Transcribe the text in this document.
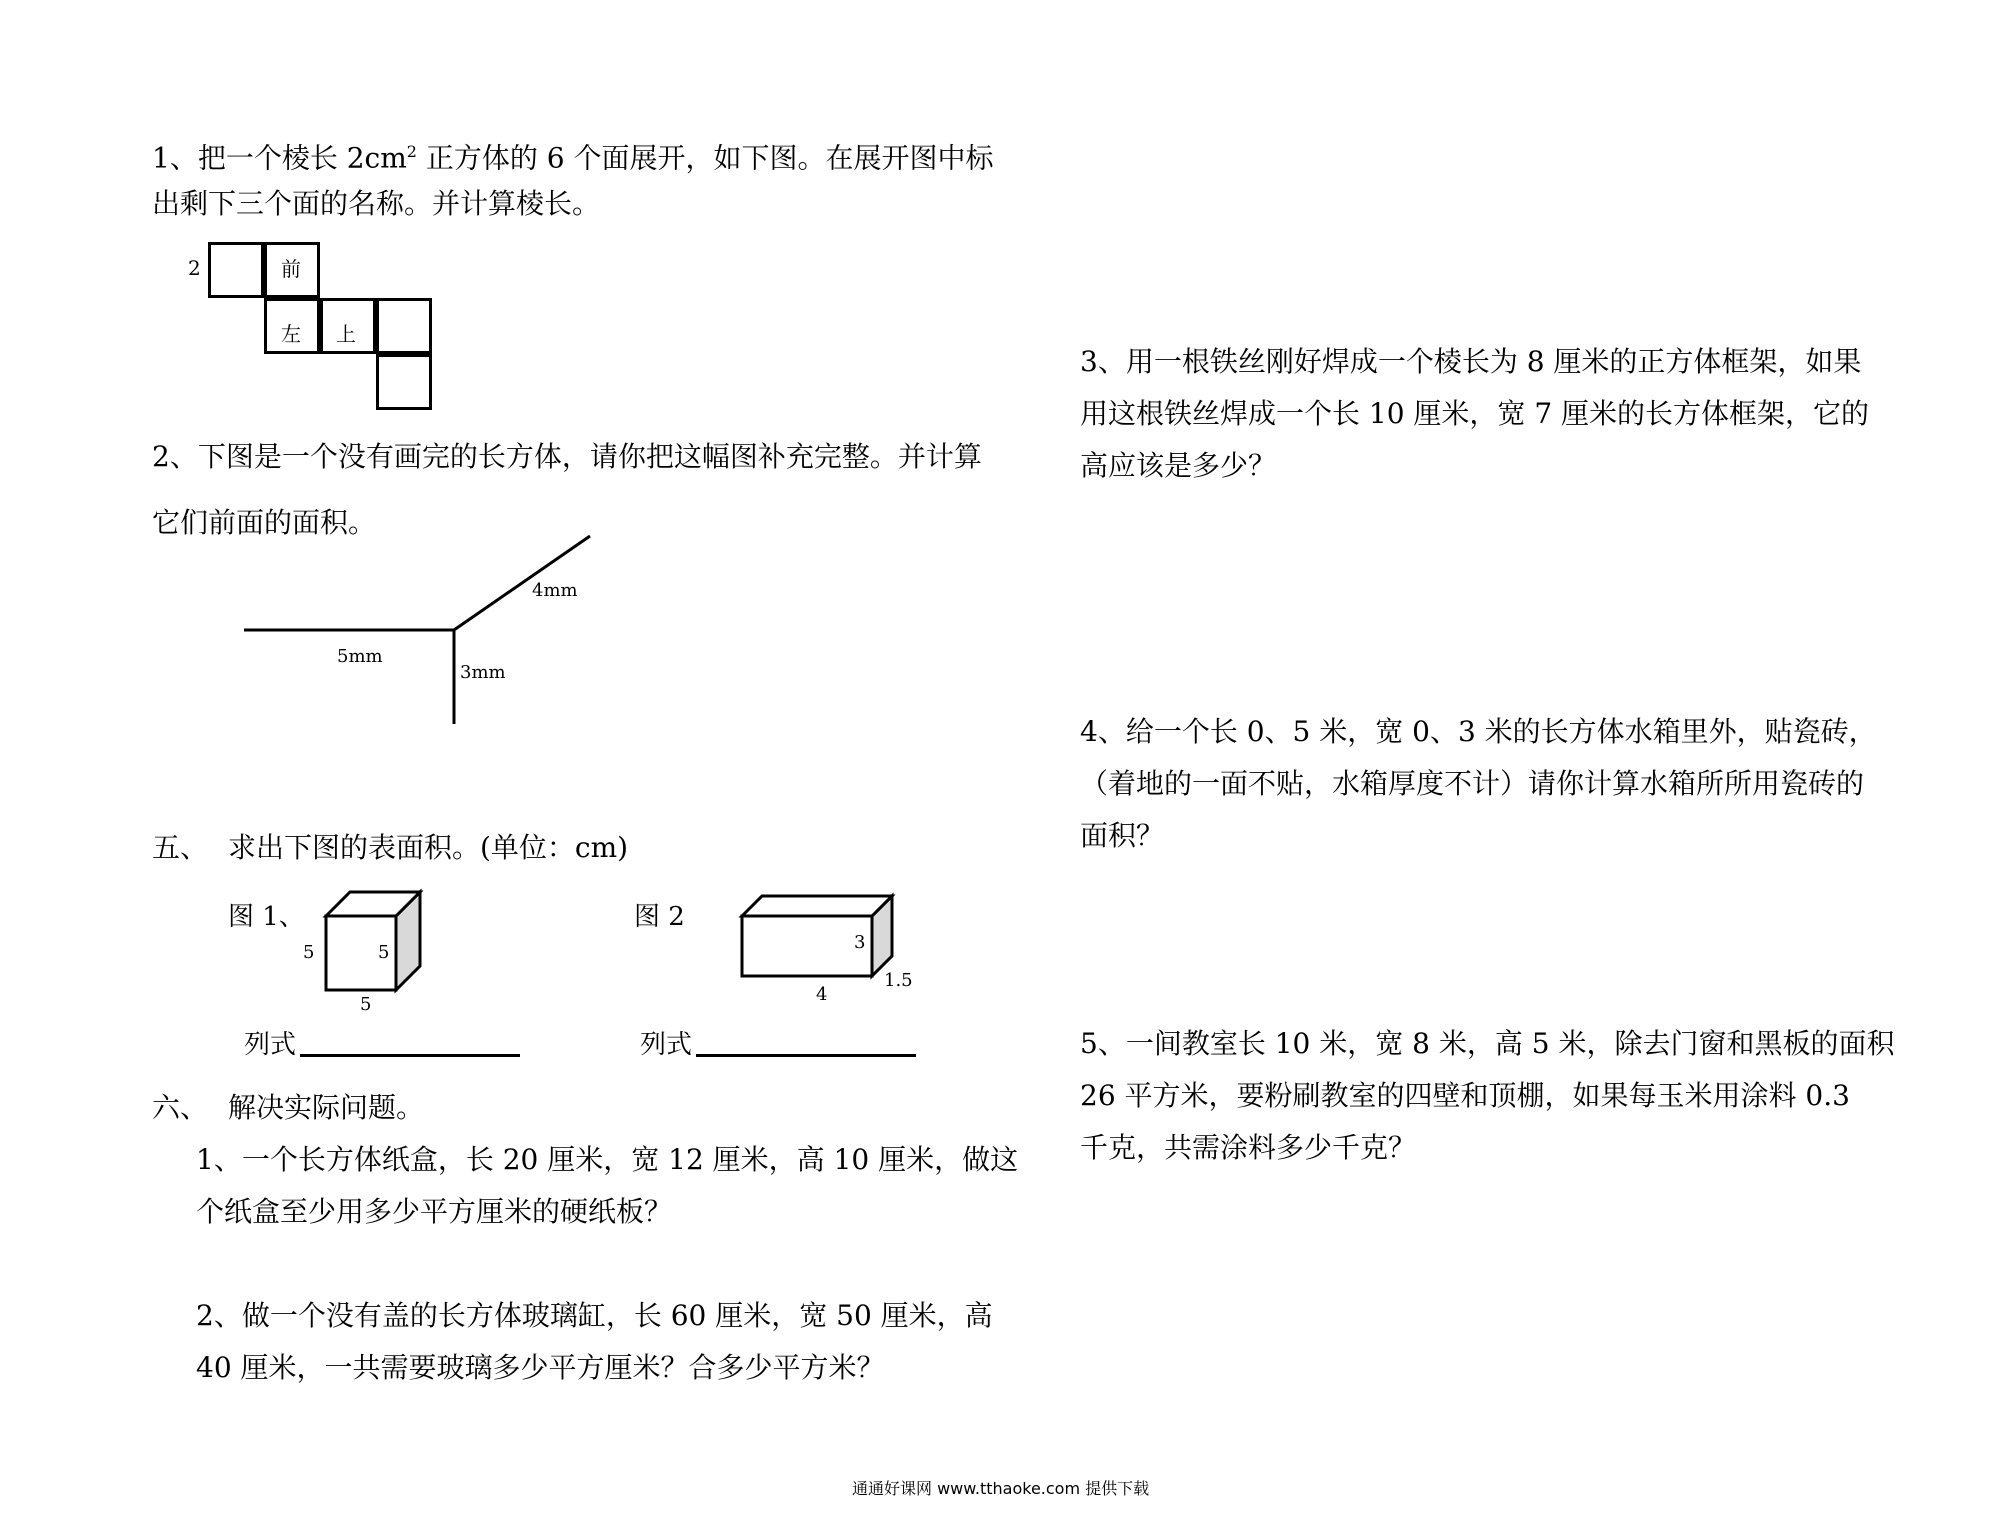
1、把一个棱长 $2cm^2$ 正方体的 6 个面展开，如下图。在展开图中标
出剩下三个面的名称。并计算棱长。
2	前
左 上
2、下图是一个没有画完的长方体，请你把这幅图补充完整。并计算
它们前面的面积。
5mm
4mm
3mm
五、 求出下图的表面积。(单位：cm)
图 1、
5	5
5
列式
图 2
3
4
1.5
列式
六、 解决实际问题。
1、一个长方体纸盒，长 20 厘米，宽 12 厘米，高 10 厘米，做这
个纸盒至少用多少平方厘米的硬纸板？
2、做一个没有盖的长方体玻璃缸，长 60 厘米，宽 50 厘米，高
40 厘米，一共需要玻璃多少平方厘米？合多少平方米？
3、用一根铁丝刚好焊成一个棱长为 8 厘米的正方体框架，如果
用这根铁丝焊成一个长 10 厘米，宽 7 厘米的长方体框架，它的
高应该是多少？
4、给一个长 0、5 米，宽 0、3 米的长方体水箱里外，贴瓷砖，
（着地的一面不贴，水箱厚度不计）请你计算水箱所所用瓷砖的
面积？
5、一间教室长 10 米，宽 8 米，高 5 米，除去门窗和黑板的面积
26 平方米，要粉刷教室的四壁和顶棚，如果每玉米用涂料 0.3
千克，共需涂料多少千克？
通通好课网 www.tthaoke.com 提供下载
